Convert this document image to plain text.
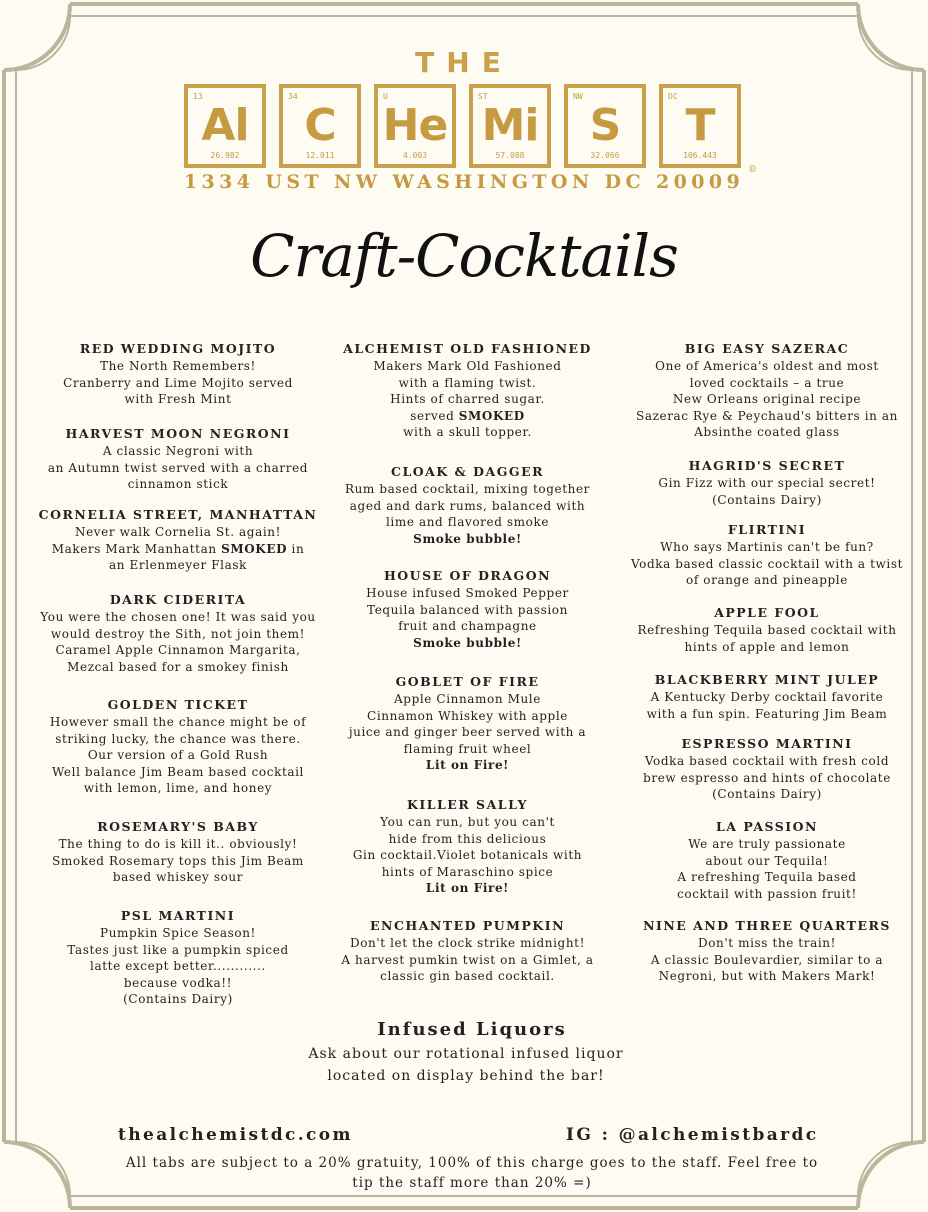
THE
13
Al
26.982
34
C
12.011
U
He
4.003
ST
Mi
57.088
NW
S
32.066
DC
T
106.443
®
1334 UST NW WASHINGTON DC 20009
Craft-Cocktails
RED WEDDING MOJITO
The North Remembers!
Cranberry and Lime Mojito served
with Fresh Mint
HARVEST MOON NEGRONI
A classic Negroni with
an Autumn twist served with a charred
cinnamon stick
CORNELIA STREET, MANHATTAN
Never walk Cornelia St. again!
Makers Mark Manhattan SMOKED in
an Erlenmeyer Flask
DARK CIDERITA
You were the chosen one! It was said you
would destroy the Sith, not join them!
Caramel Apple Cinnamon Margarita,
Mezcal based for a smokey finish
GOLDEN TICKET
However small the chance might be of
striking lucky, the chance was there.
Our version of a Gold Rush
Well balance Jim Beam based cocktail
with lemon, lime, and honey
ROSEMARY'S BABY
The thing to do is kill it.. obviously!
Smoked Rosemary tops this Jim Beam
based whiskey sour
PSL MARTINI
Pumpkin Spice Season!
Tastes just like a pumpkin spiced
latte except better............
because vodka!!
(Contains Dairy)
ALCHEMIST OLD FASHIONED
Makers Mark Old Fashioned
with a flaming twist.
Hints of charred sugar.
served SMOKED
with a skull topper.
CLOAK & DAGGER
Rum based cocktail, mixing together
aged and dark rums, balanced with
lime and flavored smoke
Smoke bubble!
HOUSE OF DRAGON
House infused Smoked Pepper
Tequila balanced with passion
fruit and champagne
Smoke bubble!
GOBLET OF FIRE
Apple Cinnamon Mule
Cinnamon Whiskey with apple
juice and ginger beer served with a
flaming fruit wheel
Lit on Fire!
KILLER SALLY
You can run, but you can't
hide from this delicious
Gin cocktail.Violet botanicals with
hints of Maraschino spice
Lit on Fire!
ENCHANTED PUMPKIN
Don't let the clock strike midnight!
A harvest pumkin twist on a Gimlet, a
classic gin based cocktail.
BIG EASY SAZERAC
One of America's oldest and most
loved cocktails – a true
New Orleans original recipe
Sazerac Rye & Peychaud's bitters in an
Absinthe coated glass
HAGRID'S SECRET
Gin Fizz with our special secret!
(Contains Dairy)
FLIRTINI
Who says Martinis can't be fun?
Vodka based classic cocktail with a twist
of orange and pineapple
APPLE FOOL
Refreshing Tequila based cocktail with
hints of apple and lemon
BLACKBERRY MINT JULEP
A Kentucky Derby cocktail favorite
with a fun spin. Featuring Jim Beam
ESPRESSO MARTINI
Vodka based cocktail with fresh cold
brew espresso and hints of chocolate
(Contains Dairy)
LA PASSION
We are truly passionate
about our Tequila!
A refreshing Tequila based
cocktail with passion fruit!
NINE AND THREE QUARTERS
Don't miss the train!
A classic Boulevardier, similar to a
Negroni, but with Makers Mark!
Infused Liquors
Ask about our rotational infused liquor
located on display behind the bar!
thealchemistdc.com	IG : @alchemistbardc
All tabs are subject to a 20% gratuity, 100% of this charge goes to the staff. Feel free to
tip the staff more than 20% =)
